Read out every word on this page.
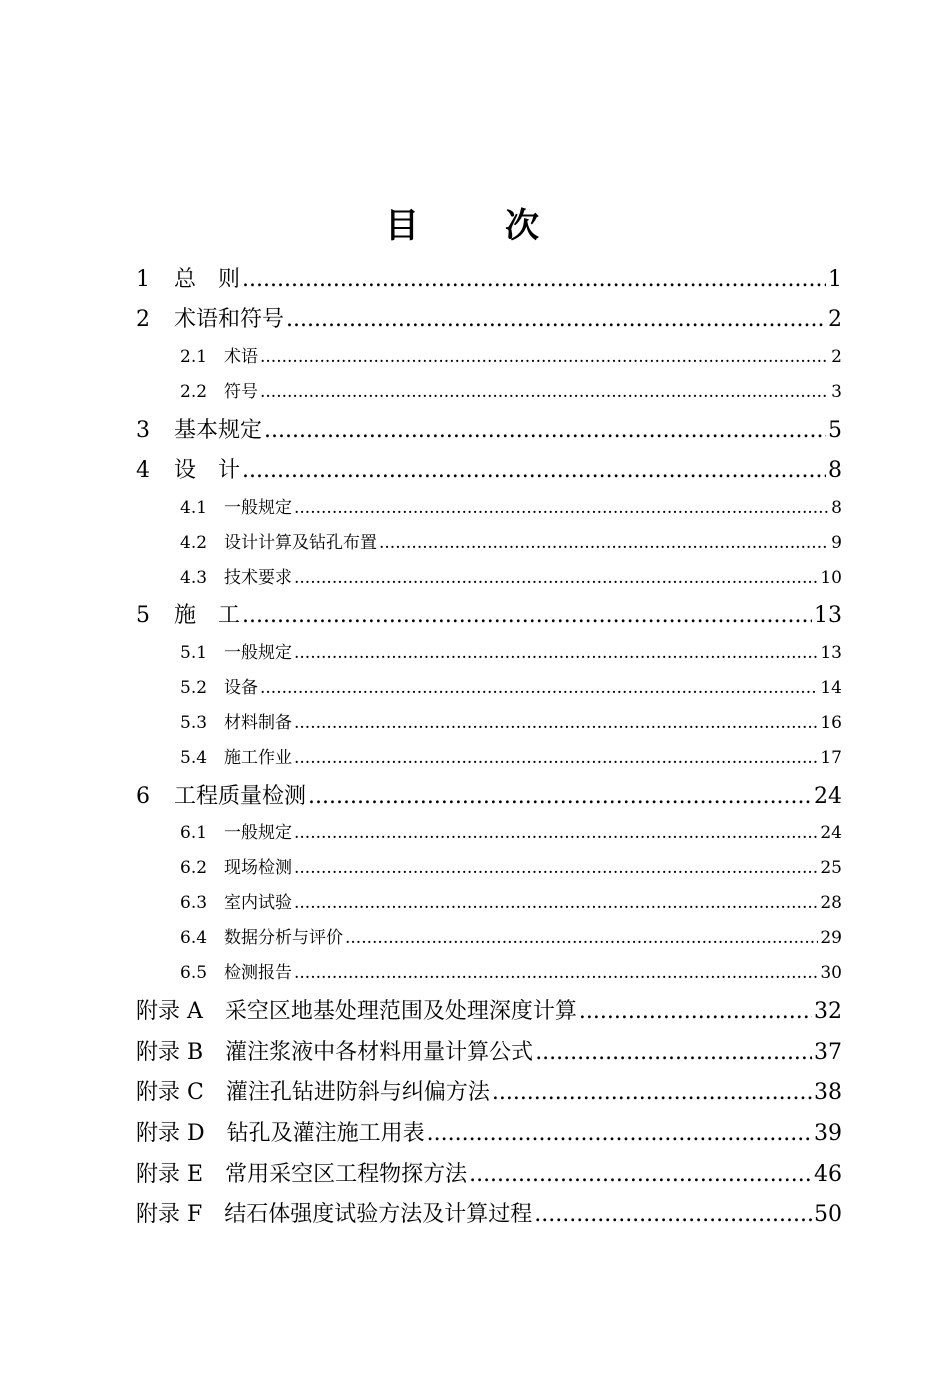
目　次
1	总　则 .....	1
2	术语和符号 .....	2
2.1 术语 .....	2
2.2 符号 .....	3
3	基本规定 .....	5
4	设　计 .....	8
4.1 一般规定 .....	8
4.2 设计计算及钻孔布置 .....	9
4.3 技术要求 .....	10
5	施　工 .....	13
5.1 一般规定 .....	13
5.2 设备 .....	14
5.3 材料制备 .....	16
5.4 施工作业 .....	17
6	工程质量检测 .....	24
6.1 一般规定 .....	24
6.2 现场检测 .....	25
6.3 室内试验 .....	28
6.4 数据分析与评价 .....	29
6.5 检测报告 .....	30
附录 A 采空区地基处理范围及处理深度计算 .....	32
附录 B 灌注浆液中各材料用量计算公式 .....	37
附录 C 灌注孔钻进防斜与纠偏方法 .....	38
附录 D 钻孔及灌注施工用表 .....	39
附录 E 常用采空区工程物探方法 .....	46
附录 F 结石体强度试验方法及计算过程 .....	50
